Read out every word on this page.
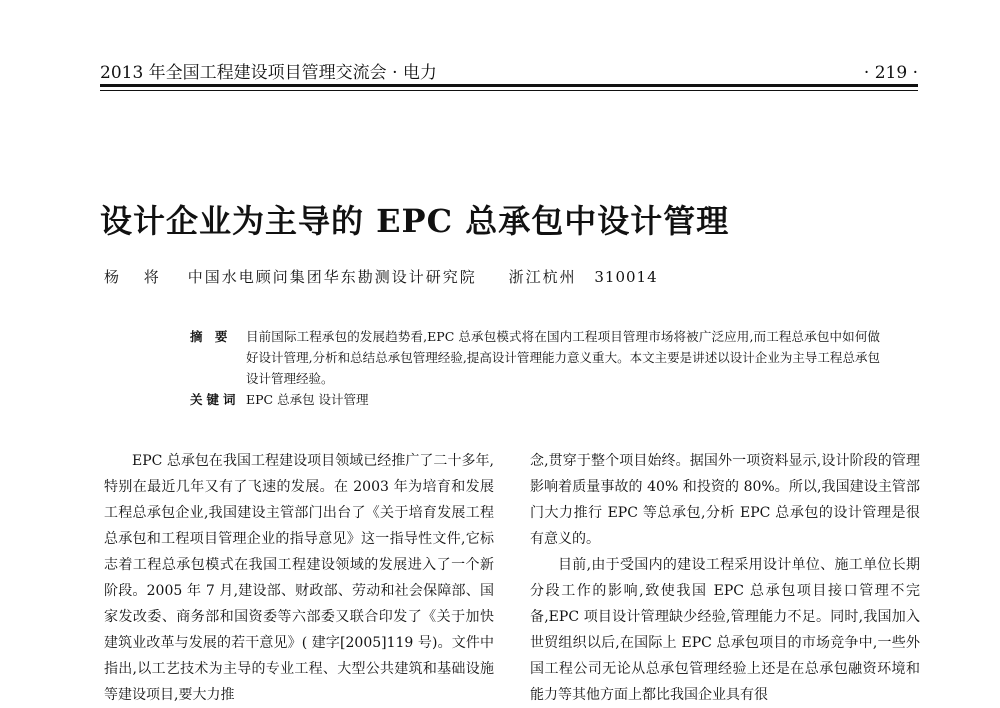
2013 年全国工程建设项目管理交流会 · 电力	· 219 ·
设计企业为主导的 EPC 总承包中设计管理
杨 将 中国水电顾问集团华东勘测设计研究院 浙江杭州 310014
摘 要	目前国际工程承包的发展趋势看,EPC 总承包模式将在国内工程项目管理市场将被广泛应用,而工程总承包中如何做好设计管理,分析和总结总承包管理经验,提高设计管理能力意义重大。本文主要是讲述以设计企业为主导工程总承包设计管理经验。
关键词 EPC 总承包 设计管理

EPC 总承包在我国工程建设项目领域已经推广了二十多年,特别在最近几年又有了飞速的发展。在 2003 年为培育和发展工程总承包企业,我国建设主管部门出台了《关于培育发展工程总承包和工程项目管理企业的指导意见》这一指导性文件,它标志着工程总承包模式在我国工程建设领域的发展进入了一个新阶段。2005 年 7 月,建设部、财政部、劳动和社会保障部、国家发改委、商务部和国资委等六部委又联合印发了《关于加快建筑业改革与发展的若干意见》( 建字[2005]119 号)。文件中指出,以工艺技术为主导的专业工程、大型公共建筑和基础设施等建设项目,要大力推

念,贯穿于整个项目始终。据国外一项资料显示,设计阶段的管理影响着质量事故的 40% 和投资的 80%。所以,我国建设主管部门大力推行 EPC 等总承包,分析 EPC 总承包的设计管理是很有意义的。

目前,由于受国内的建设工程采用设计单位、施工单位长期分段工作的影响,致使我国 EPC 总承包项目接口管理不完备,EPC 项目设计管理缺少经验,管理能力不足。同时,我国加入世贸组织以后,在国际上 EPC 总承包项目的市场竞争中,一些外国工程公司无论从总承包管理经验上还是在总承包融资环境和能力等其他方面上都比我国企业具有很
